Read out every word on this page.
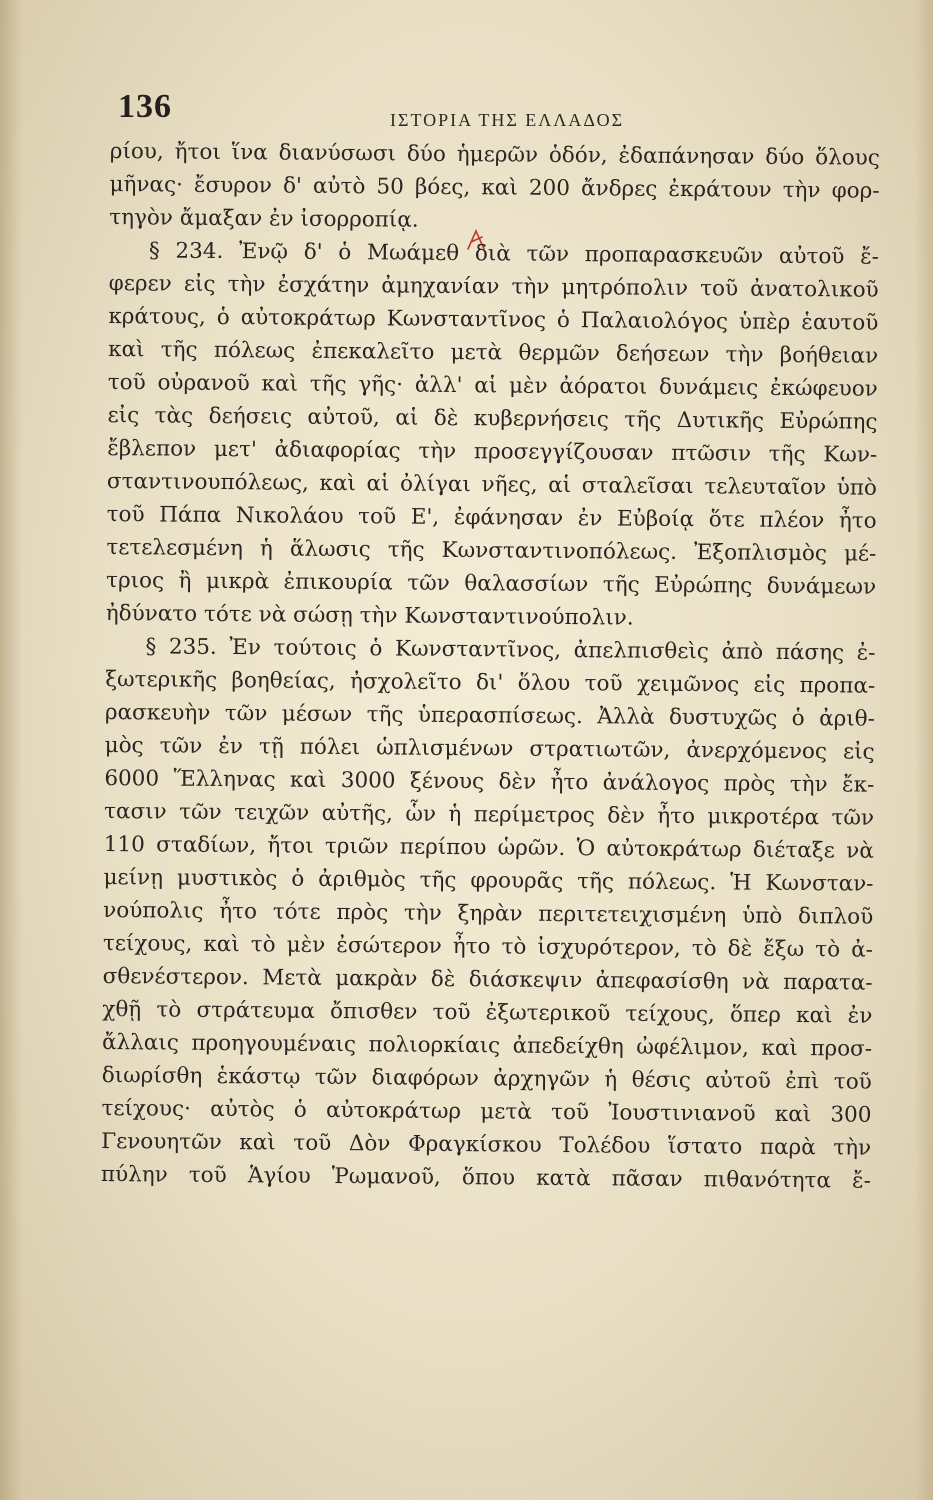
136	ΙΣΤΟΡΙΑ ΤΗΣ ΕΛΛΑΔΟΣ
ρίου, ἤτοι ἵνα διανύσωσι δύο ἡμερῶν ὁδόν, ἐδαπάνησαν δύο ὅλους
μῆνας· ἔσυρον δ' αὐτὸ 50 βόες, καὶ 200 ἄνδρες ἐκράτουν τὴν φορ-
τηγὸν ἄμαξαν ἐν ἰσορροπίᾳ.
§ 234. Ἐνῷ δ' ὁ Μωάμεθ διὰ τῶν προπαρασκευῶν αὐτοῦ ἔ-
φερεν εἰς τὴν ἐσχάτην ἀμηχανίαν τὴν μητρόπολιν τοῦ ἀνατολικοῦ
κράτους, ὁ αὐτοκράτωρ Κωνσταντῖνος ὁ Παλαιολόγος ὑπὲρ ἑαυτοῦ
καὶ τῆς πόλεως ἐπεκαλεῖτο μετὰ θερμῶν δεήσεων τὴν βοήθειαν
τοῦ οὐρανοῦ καὶ τῆς γῆς· ἀλλ' αἱ μὲν ἀόρατοι δυνάμεις ἐκώφευον
εἰς τὰς δεήσεις αὐτοῦ, αἱ δὲ κυβερνήσεις τῆς Δυτικῆς Εὐρώπης
ἔβλεπον μετ' ἀδιαφορίας τὴν προσεγγίζουσαν πτῶσιν τῆς Κων-
σταντινουπόλεως, καὶ αἱ ὀλίγαι νῆες, αἱ σταλεῖσαι τελευταῖον ὑπὸ
τοῦ Πάπα Νικολάου τοῦ Ε', ἐφάνησαν ἐν Εὐβοίᾳ ὅτε πλέον ἦτο
τετελεσμένη ἡ ἅλωσις τῆς Κωνσταντινοπόλεως. Ἐξοπλισμὸς μέ-
τριος ἢ μικρὰ ἐπικουρία τῶν θαλασσίων τῆς Εὐρώπης δυνάμεων
ἠδύνατο τότε νὰ σώσῃ τὴν Κωνσταντινούπολιν.
§ 235. Ἐν τούτοις ὁ Κωνσταντῖνος, ἀπελπισθεὶς ἀπὸ πάσης ἐ-
ξωτερικῆς βοηθείας, ἠσχολεῖτο δι' ὅλου τοῦ χειμῶνος εἰς προπα-
ρασκευὴν τῶν μέσων τῆς ὑπερασπίσεως. Ἀλλὰ δυστυχῶς ὁ ἀριθ-
μὸς τῶν ἐν τῇ πόλει ὡπλισμένων στρατιωτῶν, ἀνερχόμενος εἰς
6000 Ἕλληνας καὶ 3000 ξένους δὲν ἦτο ἀνάλογος πρὸς τὴν ἔκ-
τασιν τῶν τειχῶν αὐτῆς, ὧν ἡ περίμετρος δὲν ἦτο μικροτέρα τῶν
110 σταδίων, ἤτοι τριῶν περίπου ὡρῶν. Ὁ αὐτοκράτωρ διέταξε νὰ
μείνῃ μυστικὸς ὁ ἀριθμὸς τῆς φρουρᾶς τῆς πόλεως. Ἡ Κωνσταν-
νούπολις ἦτο τότε πρὸς τὴν ξηρὰν περιτετειχισμένη ὑπὸ διπλοῦ
τείχους, καὶ τὸ μὲν ἐσώτερον ἦτο τὸ ἰσχυρότερον, τὸ δὲ ἔξω τὸ ἀ-
σθενέστερον. Μετὰ μακρὰν δὲ διάσκεψιν ἀπεφασίσθη νὰ παρατα-
χθῇ τὸ στράτευμα ὄπισθεν τοῦ ἐξωτερικοῦ τείχους, ὅπερ καὶ ἐν
ἄλλαις προηγουμέναις πολιορκίαις ἀπεδείχθη ὠφέλιμον, καὶ προσ-
διωρίσθη ἑκάστῳ τῶν διαφόρων ἀρχηγῶν ἡ θέσις αὐτοῦ ἐπὶ τοῦ
τείχους· αὐτὸς ὁ αὐτοκράτωρ μετὰ τοῦ Ἰουστινιανοῦ καὶ 300
Γενουητῶν καὶ τοῦ Δὸν Φραγκίσκου Τολέδου ἵστατο παρὰ τὴν
πύλην τοῦ Ἁγίου Ῥωμανοῦ, ὅπου κατὰ πᾶσαν πιθανότητα ἔ-
